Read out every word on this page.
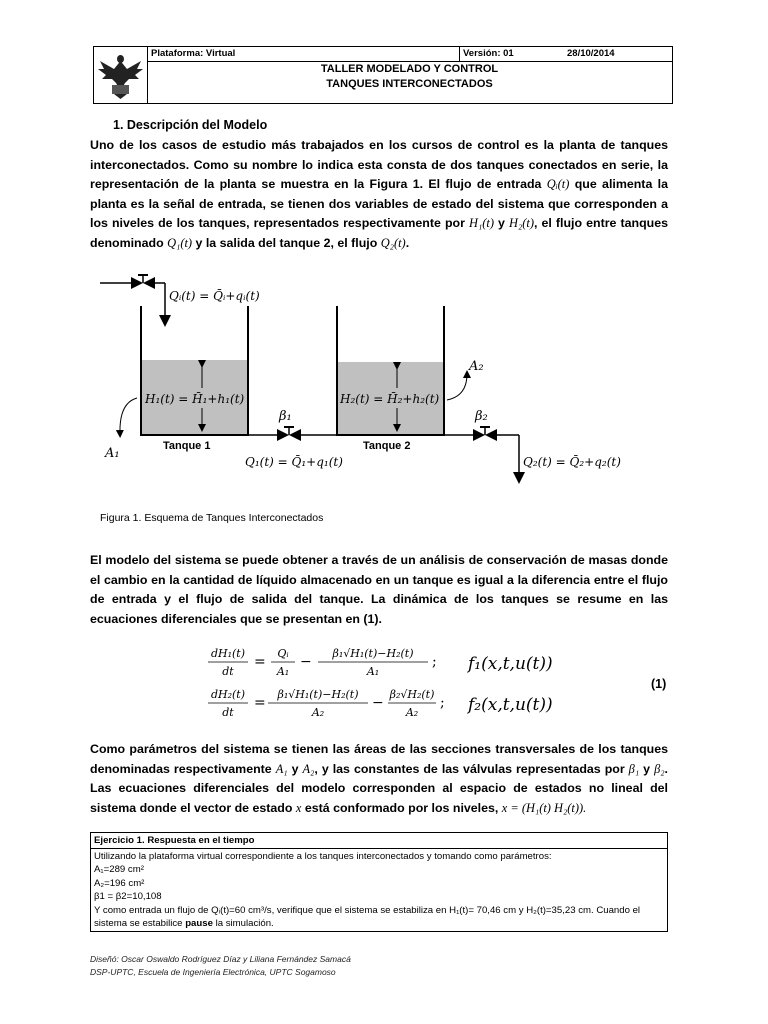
Plataforma: Virtual	Versión: 01	28/10/2014
TALLER MODELADO Y CONTROL
TANQUES INTERCONECTADOS
1. Descripción del Modelo
Uno de los casos de estudio más trabajados en los cursos de control es la planta de tanques interconectados. Como su nombre lo indica esta consta de dos tanques conectados en serie, la representación de la planta se muestra en la Figura 1. El flujo de entrada Qᵢ(t) que alimenta la planta es la señal de entrada, se tienen dos variables de estado del sistema que corresponden a los niveles de los tanques, representados respectivamente por H₁(t) y H₂(t), el flujo entre tanques denominado Q₁(t) y la salida del tanque 2, el flujo Q₂(t).
Qᵢ(t) = Q̄ᵢ+qᵢ(t)
H₁(t) = H̄₁+h₁(t)
Tanque 1
A₁
β₁
Q₁(t) = Q̄₁+q₁(t)
H₂(t) = H̄₂+h₂(t)
Tanque 2
A₂
β₂
Q₂(t) = Q̄₂+q₂(t)
Figura 1. Esquema de Tanques Interconectados
El modelo del sistema se puede obtener a través de un análisis de conservación de masas donde el cambio en la cantidad de líquido almacenado en un tanque es igual a la diferencia entre el flujo de entrada y el flujo de salida del tanque. La dinámica de los tanques se resume en las ecuaciones diferenciales que se presentan en (1).
dH₁(t)
dt
=
Qᵢ
A₁
−
β₁√H₁(t)−H₂(t)
A₁
; f₁(x,t,u(t))
dH₂(t)
dt
=
β₁√H₁(t)−H₂(t)
A₂
−
β₂√H₂(t)
A₂
; f₂(x,t,u(t))
(1)
Como parámetros del sistema se tienen las áreas de las secciones transversales de los tanques denominadas respectivamente A₁ y A₂, y las constantes de las válvulas representadas por β₁ y β₂. Las ecuaciones diferenciales del modelo corresponden al espacio de estados no lineal del sistema donde el vector de estado x está conformado por los niveles, x = (H₁(t) H₂(t)).
Ejercicio 1. Respuesta en el tiempo
Utilizando la plataforma virtual correspondiente a los tanques interconectados y tomando como parámetros:
A₁=289 cm²
A₂=196 cm²
β1 = β2=10,108
Y como entrada un flujo de Qᵢ(t)=60 cm³/s, verifique que el sistema se estabiliza en H₁(t)= 70,46 cm y H₂(t)=35,23 cm. Cuando el sistema se estabilice pause la simulación.
Diseñó: Oscar Oswaldo Rodríguez Díaz y Liliana Fernández Samacá
DSP-UPTC, Escuela de Ingeniería Electrónica, UPTC Sogamoso
